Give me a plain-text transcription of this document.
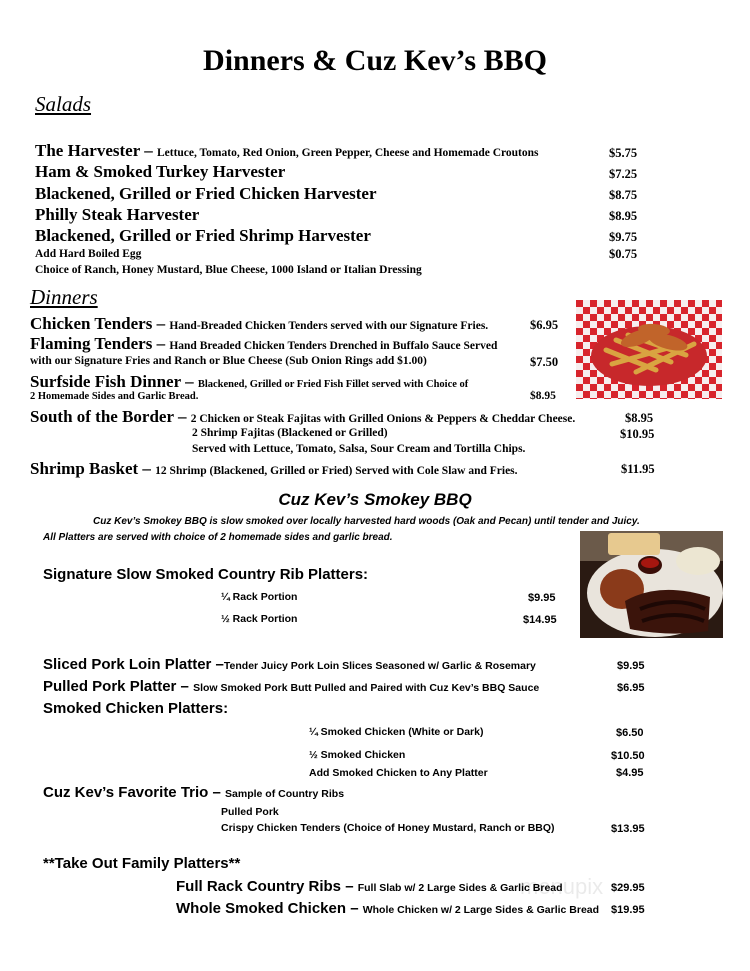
Dinners & Cuz Kev’s BBQ
Salads
The Harvester – Lettuce, Tomato, Red Onion, Green Pepper, Cheese and Homemade Croutons	$5.75
Ham & Smoked Turkey Harvester	$7.25
Blackened, Grilled or Fried Chicken Harvester	$8.75
Philly Steak Harvester	$8.95
Blackened, Grilled or Fried Shrimp Harvester	$9.75
Add Hard Boiled Egg	$0.75
Choice of Ranch, Honey Mustard, Blue Cheese, 1000 Island or Italian Dressing
Dinners
Chicken Tenders – Hand-Breaded Chicken Tenders served with our Signature Fries.	$6.95
Flaming Tenders – Hand Breaded Chicken Tenders Drenched in Buffalo Sauce Served
with our Signature Fries and Ranch or Blue Cheese (Sub Onion Rings add $1.00)	$7.50
Surfside Fish Dinner – Blackened, Grilled or Fried Fish Fillet served with Choice of
2 Homemade Sides and Garlic Bread.	$8.95
South of the Border – 2 Chicken or Steak Fajitas with Grilled Onions & Peppers & Cheddar Cheese.	$8.95
2 Shrimp Fajitas (Blackened or Grilled)	$10.95
Served with Lettuce, Tomato, Salsa, Sour Cream and Tortilla Chips.
Shrimp Basket – 12 Shrimp (Blackened, Grilled or Fried) Served with Cole Slaw and Fries.	$11.95
Cuz Kev’s Smokey BBQ
Cuz Kev’s Smokey BBQ is slow smoked over locally harvested hard woods (Oak and Pecan) until tender and Juicy.
All Platters are served with choice of 2 homemade sides and garlic bread.
Signature Slow Smoked Country Rib Platters:
¼ Rack Portion	$9.95
½ Rack Portion	$14.95
Sliced Pork Loin Platter –Tender Juicy Pork Loin Slices Seasoned w/ Garlic & Rosemary	$9.95
Pulled Pork Platter – Slow Smoked Pork Butt Pulled and Paired with Cuz Kev’s BBQ Sauce	$6.95
Smoked Chicken Platters:
¼ Smoked Chicken (White or Dark)	$6.50
½ Smoked Chicken	$10.50
Add Smoked Chicken to Any Platter	$4.95
Cuz Kev’s Favorite Trio – Sample of Country Ribs
Pulled Pork
Crispy Chicken Tenders (Choice of Honey Mustard, Ranch or BBQ)	$13.95
**Take Out Family Platters**
Full Rack Country Ribs – Full Slab w/ 2 Large Sides & Garlic Bread	$29.95
Whole Smoked Chicken – Whole Chicken w/ 2 Large Sides & Garlic Bread $19.95
menupix
